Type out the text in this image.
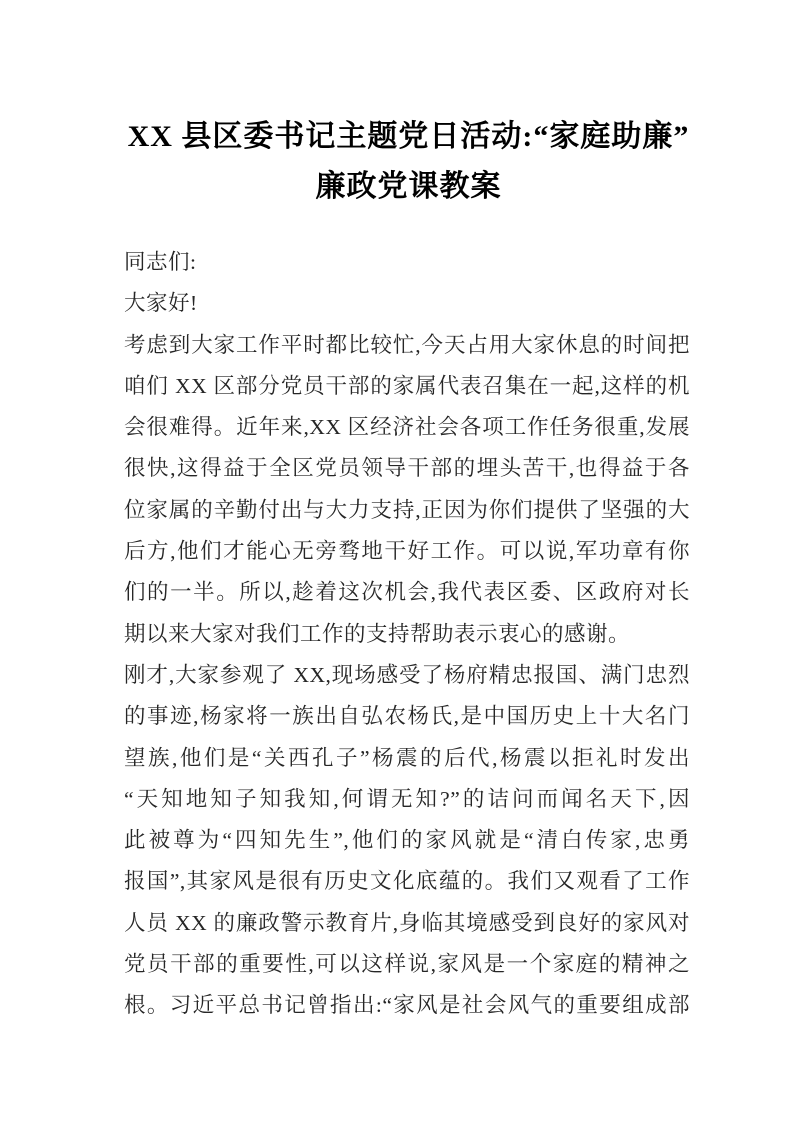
XX 县区委书记主题党日活动:“家庭助廉”
廉政党课教案
同志们:
大家好!
考虑到大家工作平时都比较忙,今天占用大家休息的时间把
咱们 XX 区部分党员干部的家属代表召集在一起,这样的机
会很难得。近年来,XX 区经济社会各项工作任务很重,发展
很快,这得益于全区党员领导干部的埋头苦干,也得益于各
位家属的辛勤付出与大力支持,正因为你们提供了坚强的大
后方,他们才能心无旁骛地干好工作。可以说,军功章有你
们的一半。所以,趁着这次机会,我代表区委、区政府对长
期以来大家对我们工作的支持帮助表示衷心的感谢。
刚才,大家参观了 XX,现场感受了杨府精忠报国、满门忠烈
的事迹,杨家将一族出自弘农杨氏,是中国历史上十大名门
望族,他们是“关西孔子”杨震的后代,杨震以拒礼时发出
“天知地知子知我知,何谓无知?”的诘问而闻名天下,因
此被尊为“四知先生”,他们的家风就是“清白传家,忠勇
报国”,其家风是很有历史文化底蕴的。我们又观看了工作
人员 XX 的廉政警示教育片,身临其境感受到良好的家风对
党员干部的重要性,可以这样说,家风是一个家庭的精神之
根。习近平总书记曾指出:“家风是社会风气的重要组成部
